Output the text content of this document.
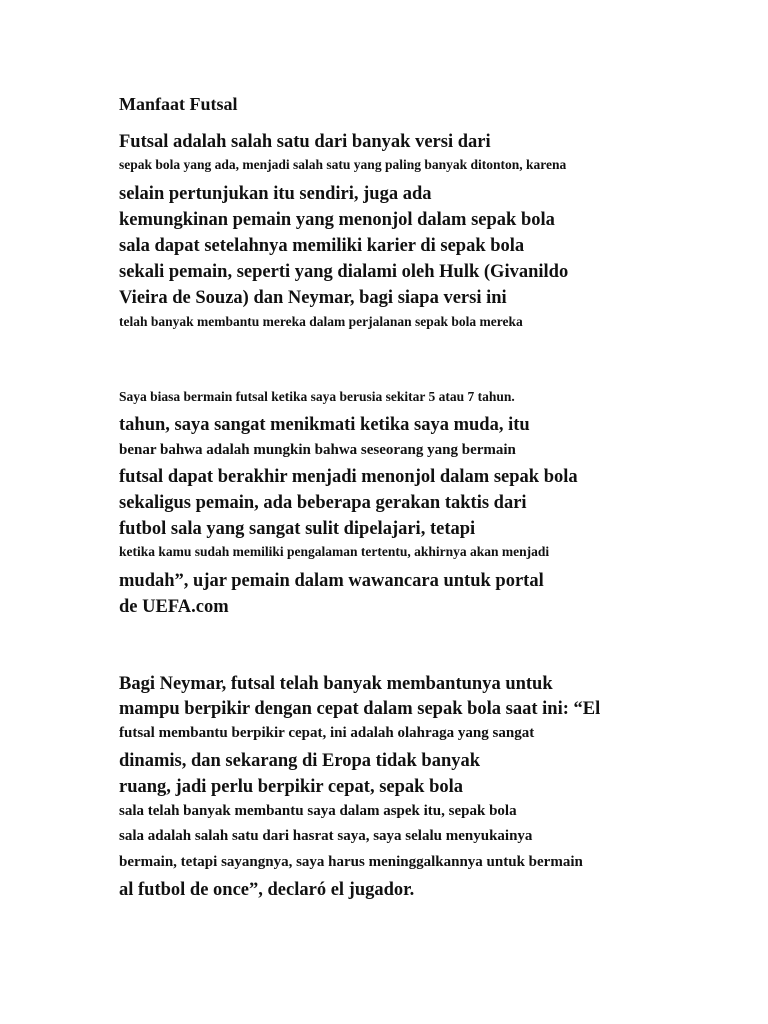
Manfaat Futsal
Futsal adalah salah satu dari banyak versi dari
sepak bola yang ada, menjadi salah satu yang paling banyak ditonton, karena
selain pertunjukan itu sendiri, juga ada
kemungkinan pemain yang menonjol dalam sepak bola
sala dapat setelahnya memiliki karier di sepak bola
sekali pemain, seperti yang dialami oleh Hulk (Givanildo
Vieira de Souza) dan Neymar, bagi siapa versi ini
telah banyak membantu mereka dalam perjalanan sepak bola mereka
Saya biasa bermain futsal ketika saya berusia sekitar 5 atau 7 tahun.
tahun, saya sangat menikmati ketika saya muda, itu
benar bahwa adalah mungkin bahwa seseorang yang bermain
futsal dapat berakhir menjadi menonjol dalam sepak bola
sekaligus pemain, ada beberapa gerakan taktis dari
futbol sala yang sangat sulit dipelajari, tetapi
ketika kamu sudah memiliki pengalaman tertentu, akhirnya akan menjadi
mudah”, ujar pemain dalam wawancara untuk portal
de UEFA.com
Bagi Neymar, futsal telah banyak membantunya untuk
mampu berpikir dengan cepat dalam sepak bola saat ini: “El
futsal membantu berpikir cepat, ini adalah olahraga yang sangat
dinamis, dan sekarang di Eropa tidak banyak
ruang, jadi perlu berpikir cepat, sepak bola
sala telah banyak membantu saya dalam aspek itu, sepak bola
sala adalah salah satu dari hasrat saya, saya selalu menyukainya
bermain, tetapi sayangnya, saya harus meninggalkannya untuk bermain
al futbol de once”, declaró el jugador.
